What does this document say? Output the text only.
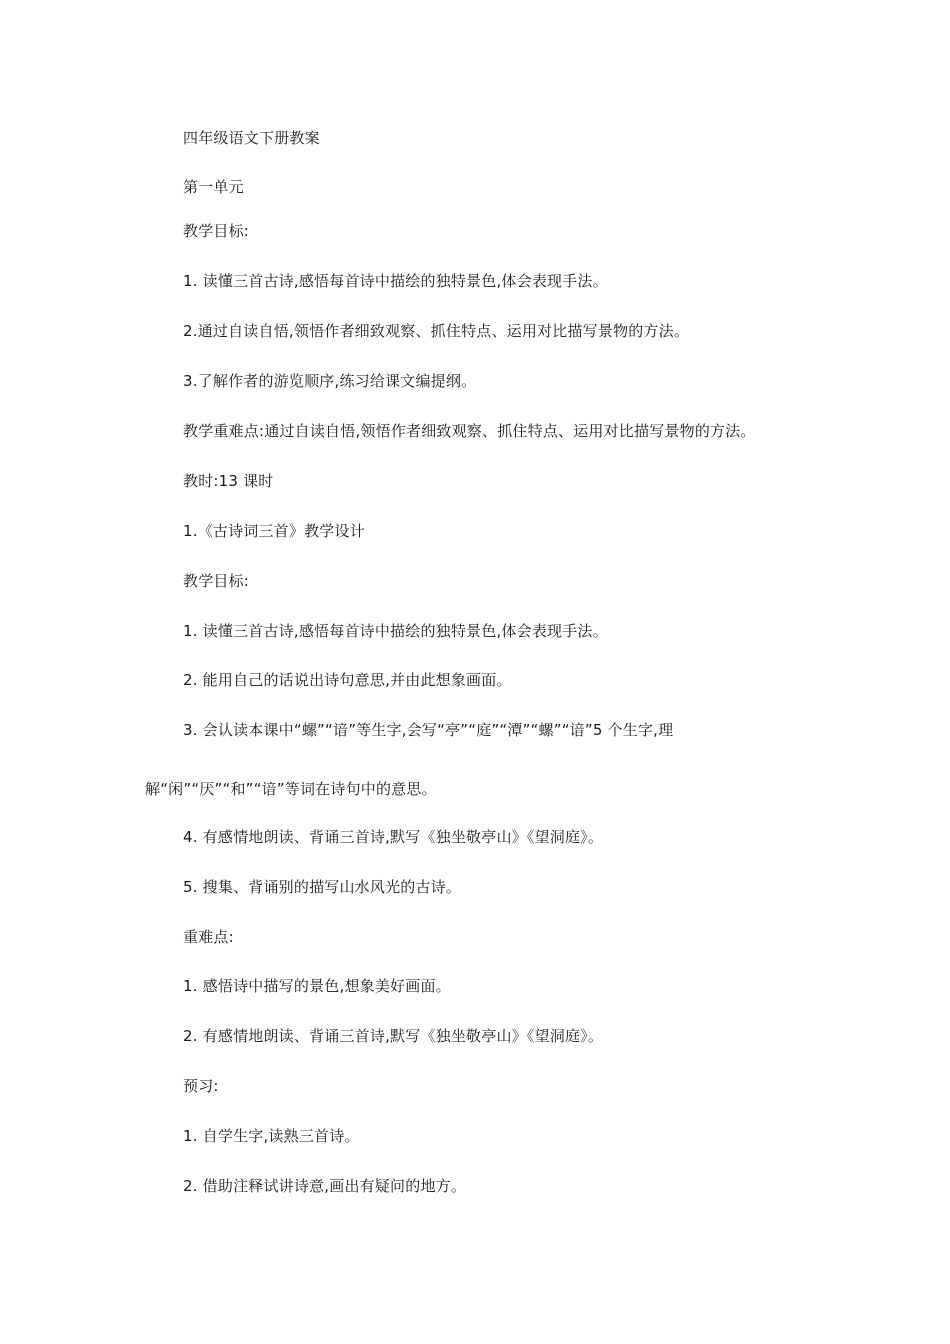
四年级语文下册教案
第一单元
教学目标:
1. 读懂三首古诗,感悟每首诗中描绘的独特景色,体会表现手法。
2.通过自读自悟,领悟作者细致观察、抓住特点、运用对比描写景物的方法。
3.了解作者的游览顺序,练习给课文编提纲。
教学重难点:通过自读自悟,领悟作者细致观察、抓住特点、运用对比描写景物的方法。
教时:13 课时
1.《古诗词三首》教学设计
教学目标:
1. 读懂三首古诗,感悟每首诗中描绘的独特景色,体会表现手法。
2. 能用自己的话说出诗句意思,并由此想象画面。
3. 会认读本课中“螺”“谙”等生字,会写“亭”“庭”“潭”“螺”“谙”5 个生字,理
解“闲”“厌”“和”“谙”等词在诗句中的意思。
4. 有感情地朗读、背诵三首诗,默写《独坐敬亭山》《望洞庭》。
5. 搜集、背诵别的描写山水风光的古诗。
重难点:
1. 感悟诗中描写的景色,想象美好画面。
2. 有感情地朗读、背诵三首诗,默写《独坐敬亭山》《望洞庭》。
预习:
1. 自学生字,读熟三首诗。
2. 借助注释试讲诗意,画出有疑问的地方。
